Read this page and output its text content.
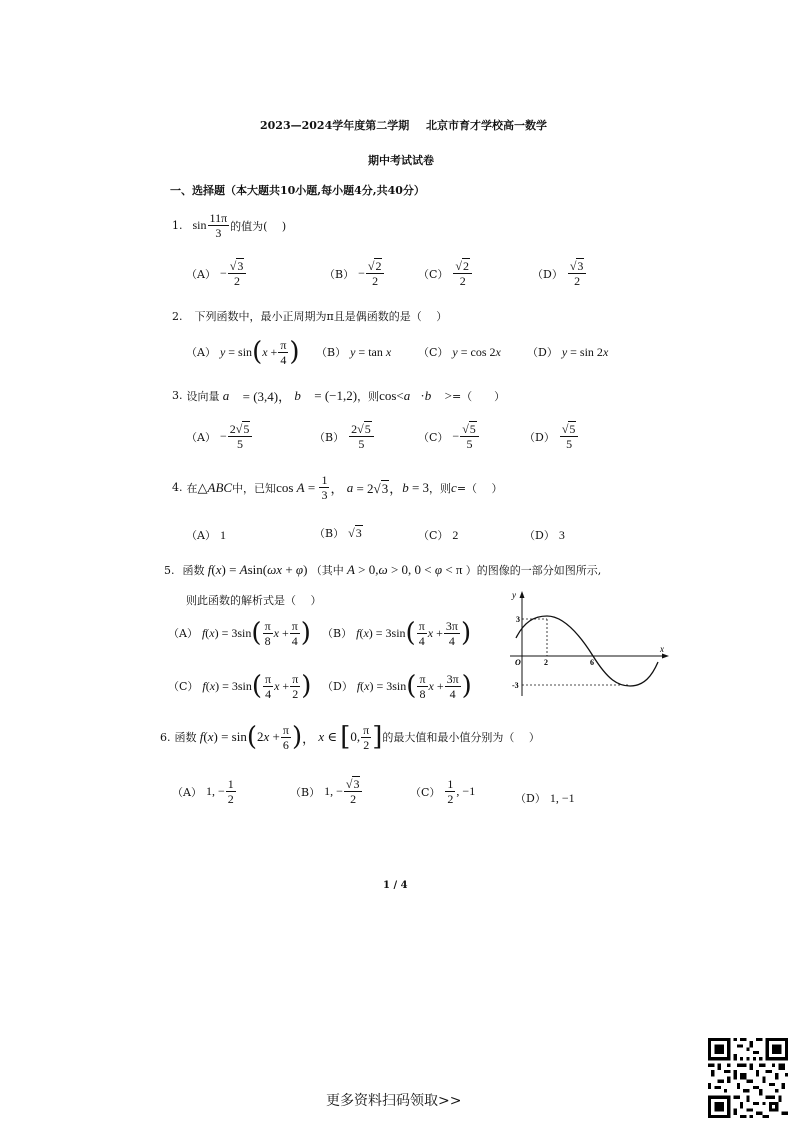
2023—2024学年度第二学期 北京市育才学校高一数学
期中考试试卷
一、选择题（本大题共10小题,每小题4分,共40分）
1. $\sin \frac{11\pi}{3}$ 的值为(　 )
$(A) - \frac{√3}{2}$	$(B) - \frac{√2}{2}$	$(C) \frac{√2}{2}$	$(D) \frac{√3}{2}$
2. 下列函数中，最小正周期为π且是偶函数的是（　 ）
（A） y = sin ( $x + \frac{\pi}{4}$ ) （B） y = tan x （C） y = cos 2 x （D） y = sin 2 x
3. 设向量 a⃗ = (3,4)， b⃗ = (−1,2) ，则 cos< a⃗ · b⃗ > =（　　）
$(A) - \frac{2√5}{5}$	$(B) \frac{2√5}{5}$	$(C) - \frac{√5}{5}$	$(D) \frac{√5}{5}$
4. 在 △ ABC 中，已知 $\cos A = \frac{1}{3}$ ， a = 2√3， b = 3 ，则 c =（　 ）
（A） 1	（B） √3	（C） 2	（D） 3
5. 函数 f ( x ) = A sin( ωx + φ ) （其中 A > 0, ω > 0, 0 < φ < π ）的图像的一部分如图所示,
则此函数的解析式是（　 ）
（A） f ( x ) = 3sin ( $\frac{\pi}{8}$ $x + \frac{\pi}{4}$ ) （B） f ( x ) = 3sin ( $\frac{\pi}{4}$ $x + \frac{3\pi}{4}$ )
（C） f ( x ) = 3sin ( $\frac{\pi}{4}$ $x + \frac{\pi}{2}$ ) （D） f ( x ) = 3sin ( $\frac{\pi}{8}$ $x + \frac{3\pi}{4}$ )
y
x
O	2	6
3
-3
6. 函数 f ( x ) = sin ( 2 $x + \frac{\pi}{6}$ ) ， x ∈ [ 0, $\frac{\pi}{2}$ ] 的最大值和最小值分别为（　 ）
（A） 1, − $\frac{1}{2}$	（B） 1, − $\frac{√3}{2}$	$(C) \frac{1}{2}$ , −1
（D） 1, −1
1 / 4
更多资料扫码领取>>
